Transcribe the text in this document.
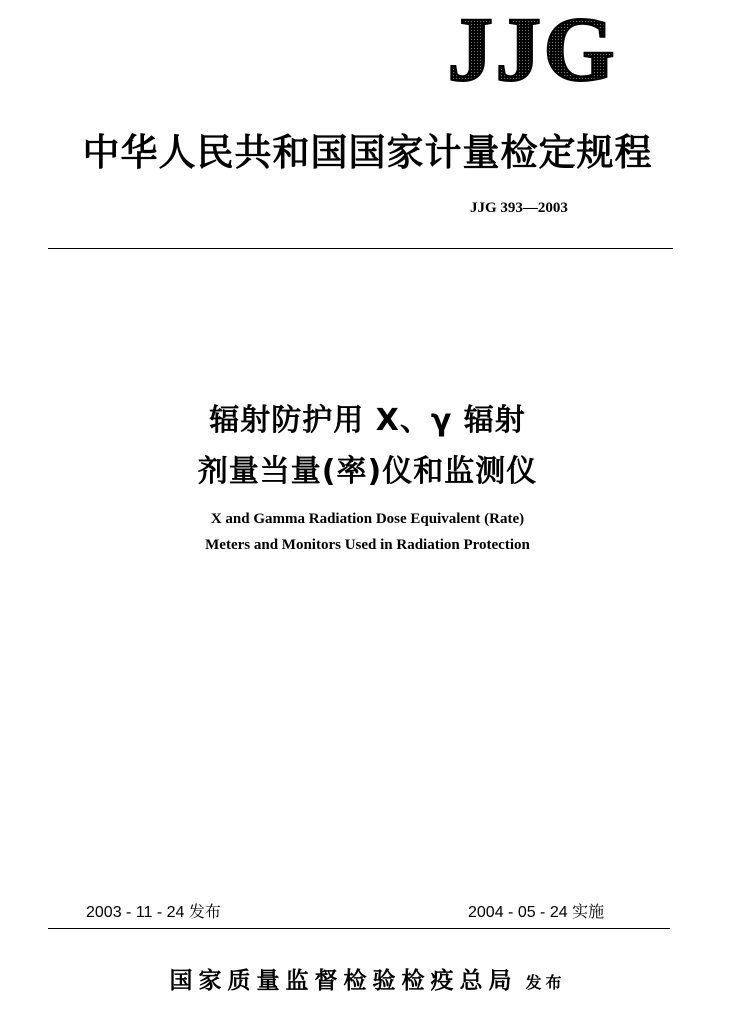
JJG
中华人民共和国国家计量检定规程
JJG 393—2003
辐射防护用 X、γ 辐射
剂量当量(率)仪和监测仪
X and Gamma Radiation Dose Equivalent (Rate)
Meters and Monitors Used in Radiation Protection
2003 - 11 - 24 发布	2004 - 05 - 24 实施
国家质量监督检验检疫总局 发布
